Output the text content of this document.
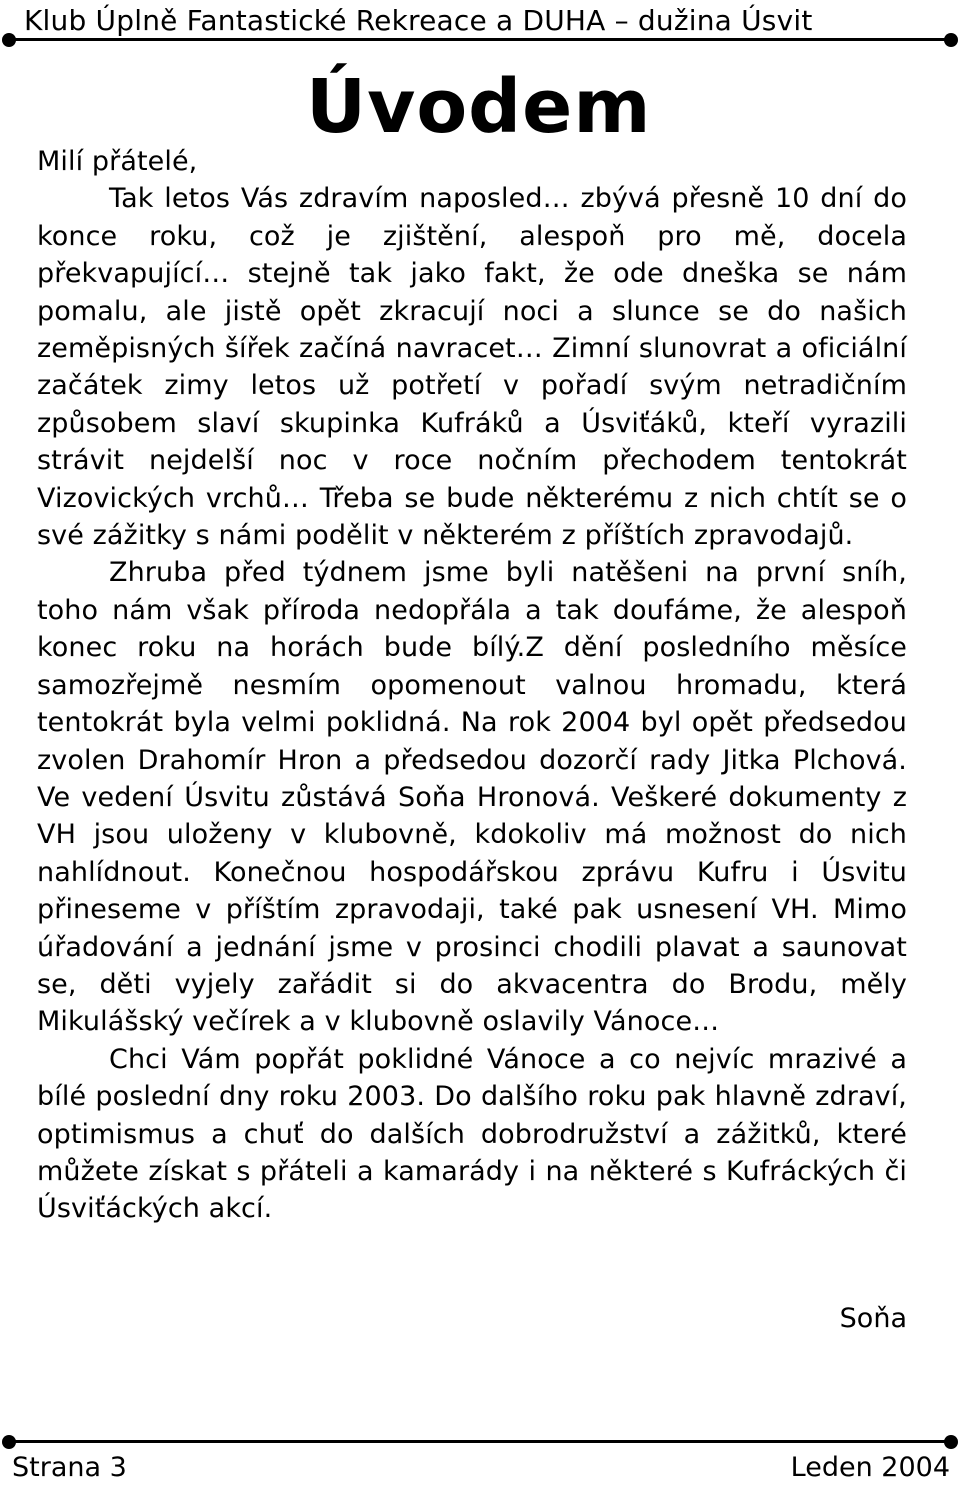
Klub Úplně Fantastické Rekreace a DUHA – dužina Úsvit
Úvodem

Milí přátelé,

Tak letos Vás zdravím naposled… zbývá přesně 10 dní do konce roku, což je zjištění, alespoň pro mě, docela překvapující… stejně tak jako fakt, že ode dneška se nám pomalu, ale jistě opět zkracují noci a slunce se do našich zeměpisných šířek začíná navracet… Zimní slunovrat a oficiální začátek zimy letos už potřetí v pořadí svým netradičním způsobem slaví skupinka Kufráků a Úsviťáků, kteří vyrazili strávit nejdelší noc v roce nočním přechodem tentokrát Vizovických vrchů… Třeba se bude některému z nich chtít se o své zážitky s námi podělit v některém z příštích zpravodajů.

Zhruba před týdnem jsme byli natěšeni na první sníh, toho nám však příroda nedopřála a tak doufáme, že alespoň konec roku na horách bude bílý.Z dění posledního měsíce samozřejmě nesmím opomenout valnou hromadu, která tentokrát byla velmi poklidná. Na rok 2004 byl opět předsedou zvolen Drahomír Hron a předsedou dozorčí rady Jitka Plchová. Ve vedení Úsvitu zůstává Soňa Hronová. Veškeré dokumenty z VH jsou uloženy v klubovně, kdokoliv má možnost do nich nahlídnout. Konečnou hospodářskou zprávu Kufru i Úsvitu přineseme v příštím zpravodaji, také pak usnesení VH. Mimo úřadování a jednání jsme v prosinci chodili plavat a saunovat se, děti vyjely zařádit si do akvacentra do Brodu, měly Mikulášský večírek a v klubovně oslavily Vánoce…

Chci Vám popřát poklidné Vánoce a co nejvíc mrazivé a bílé poslední dny roku 2003. Do dalšího roku pak hlavně zdraví, optimismus a chuť do dalších dobrodružství a zážitků, které můžete získat s přáteli a kamarády i na některé s Kufráckých či Úsviťáckých akcí.

Soňa
Strana 3	Leden 2004
